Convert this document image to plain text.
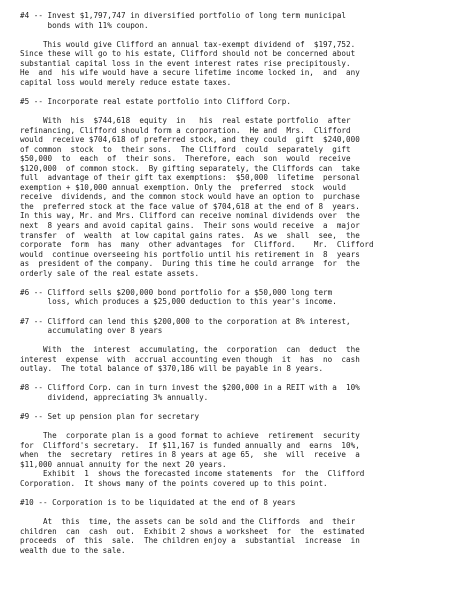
#4 -- Invest $1,797,747 in diversified portfolio of long term municipal
bonds with 11% coupon.
This would give Clifford an annual tax-exempt dividend of  $197,752.
Since these will go to his estate, Clifford should not be concerned about
substantial capital loss in the event interest rates rise precipitously.
He  and  his wife would have a secure lifetime income locked in,  and  any
capital loss would merely reduce estate taxes.
#5 -- Incorporate real estate portfolio into Clifford Corp.
With  his  $744,618  equity  in   his  real estate portfolio  after
refinancing, Clifford should form a corporation.  He and  Mrs.  Clifford
would  receive $704,618 of preferred stock, and they could  gift  $240,000
of common  stock  to  their sons.  The Clifford  could  separately  gift
$50,000  to  each  of  their sons.  Therefore, each  son  would  receive
$120,000  of common stock.  By gifting separately, the Cliffords can  take
full  advantage of their gift tax exemptions:  $50,000  lifetime  personal
exemption + $10,000 annual exemption. Only the  preferred  stock  would
receive  dividends, and the common stock would have an option to  purchase
the  preferred stock at the face value of $704,618 at the end of 8  years.
In this way, Mr. and Mrs. Clifford can receive nominal dividends over  the
next  8 years and avoid capital gains.  Their sons would receive  a  major
transfer  of  wealth  at low capital gains rates.  As we  shall  see,  the
corporate  form  has  many  other advantages  for  Clifford.    Mr.  Clifford
would  continue overseeing his portfolio until his retirement in  8  years
as  president of the company.  During this time he could arrange  for  the
orderly sale of the real estate assets.
#6 -- Clifford sells $200,000 bond portfolio for a $50,000 long term
loss, which produces a $25,000 deduction to this year's income.
#7 -- Clifford can lend this $200,000 to the corporation at 8% interest,
accumulating over 8 years
With  the  interest  accumulating, the  corporation  can  deduct  the
interest  expense  with  accrual accounting even though  it  has  no  cash
outlay.  The total balance of $370,186 will be payable in 8 years.
#8 -- Clifford Corp. can in turn invest the $200,000 in a REIT with a  10%
dividend, appreciating 3% annually.
#9 -- Set up pension plan for secretary
The  corporate plan is a good format to achieve  retirement  security
for  Clifford's secretary.  If $11,167 is funded annually and  earns  10%,
when  the  secretary  retires in 8 years at age 65,  she  will  receive  a
$11,000 annual annuity for the next 20 years.
Exhibit  1  shows the forecasted income statements  for  the  Clifford
Corporation.  It shows many of the points covered up to this point.
#10 -- Corporation is to be liquidated at the end of 8 years
At  this  time, the assets can be sold and the Cliffords  and  their
children  can  cash  out.  Exhibit 2 shows a worksheet  for  the  estimated
proceeds  of  this  sale.  The children enjoy a  substantial  increase  in
wealth due to the sale.
